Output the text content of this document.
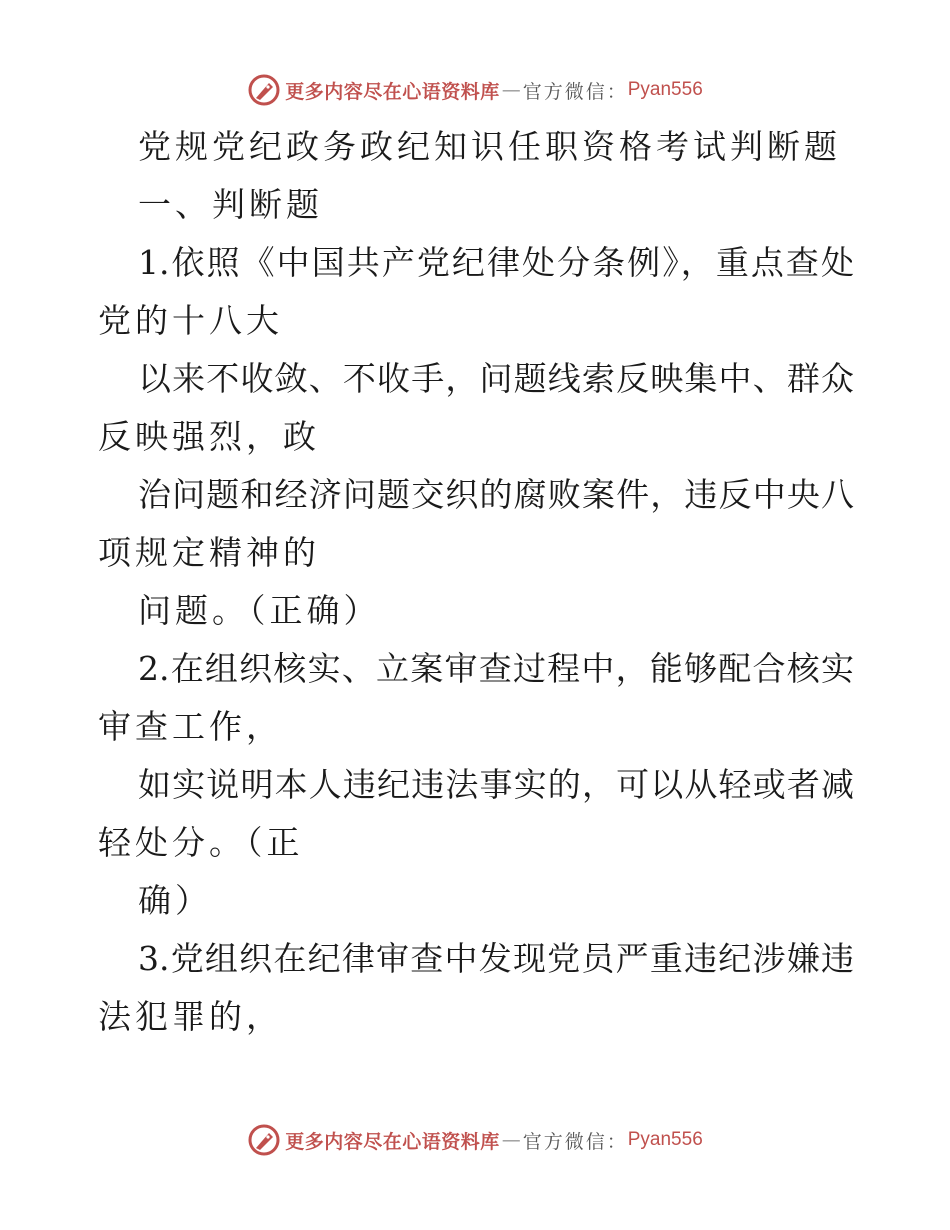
更多内容尽在心语资料库 — 官方微信： Pyan556
党规党纪政务政纪知识任职资格考试判断题
一、判断题
1.依照《中国共产党纪律处分条例》，重点查处
党的十八大
以来不收敛、不收手，问题线索反映集中、群众
反映强烈，政
治问题和经济问题交织的腐败案件，违反中央八
项规定精神的
问题。（正确）
2.在组织核实、立案审查过程中，能够配合核实
审查工作，
如实说明本人违纪违法事实的，可以从轻或者减
轻处分。（正
确）
3.党组织在纪律审查中发现党员严重违纪涉嫌违
法犯罪的，
更多内容尽在心语资料库 — 官方微信： Pyan556
